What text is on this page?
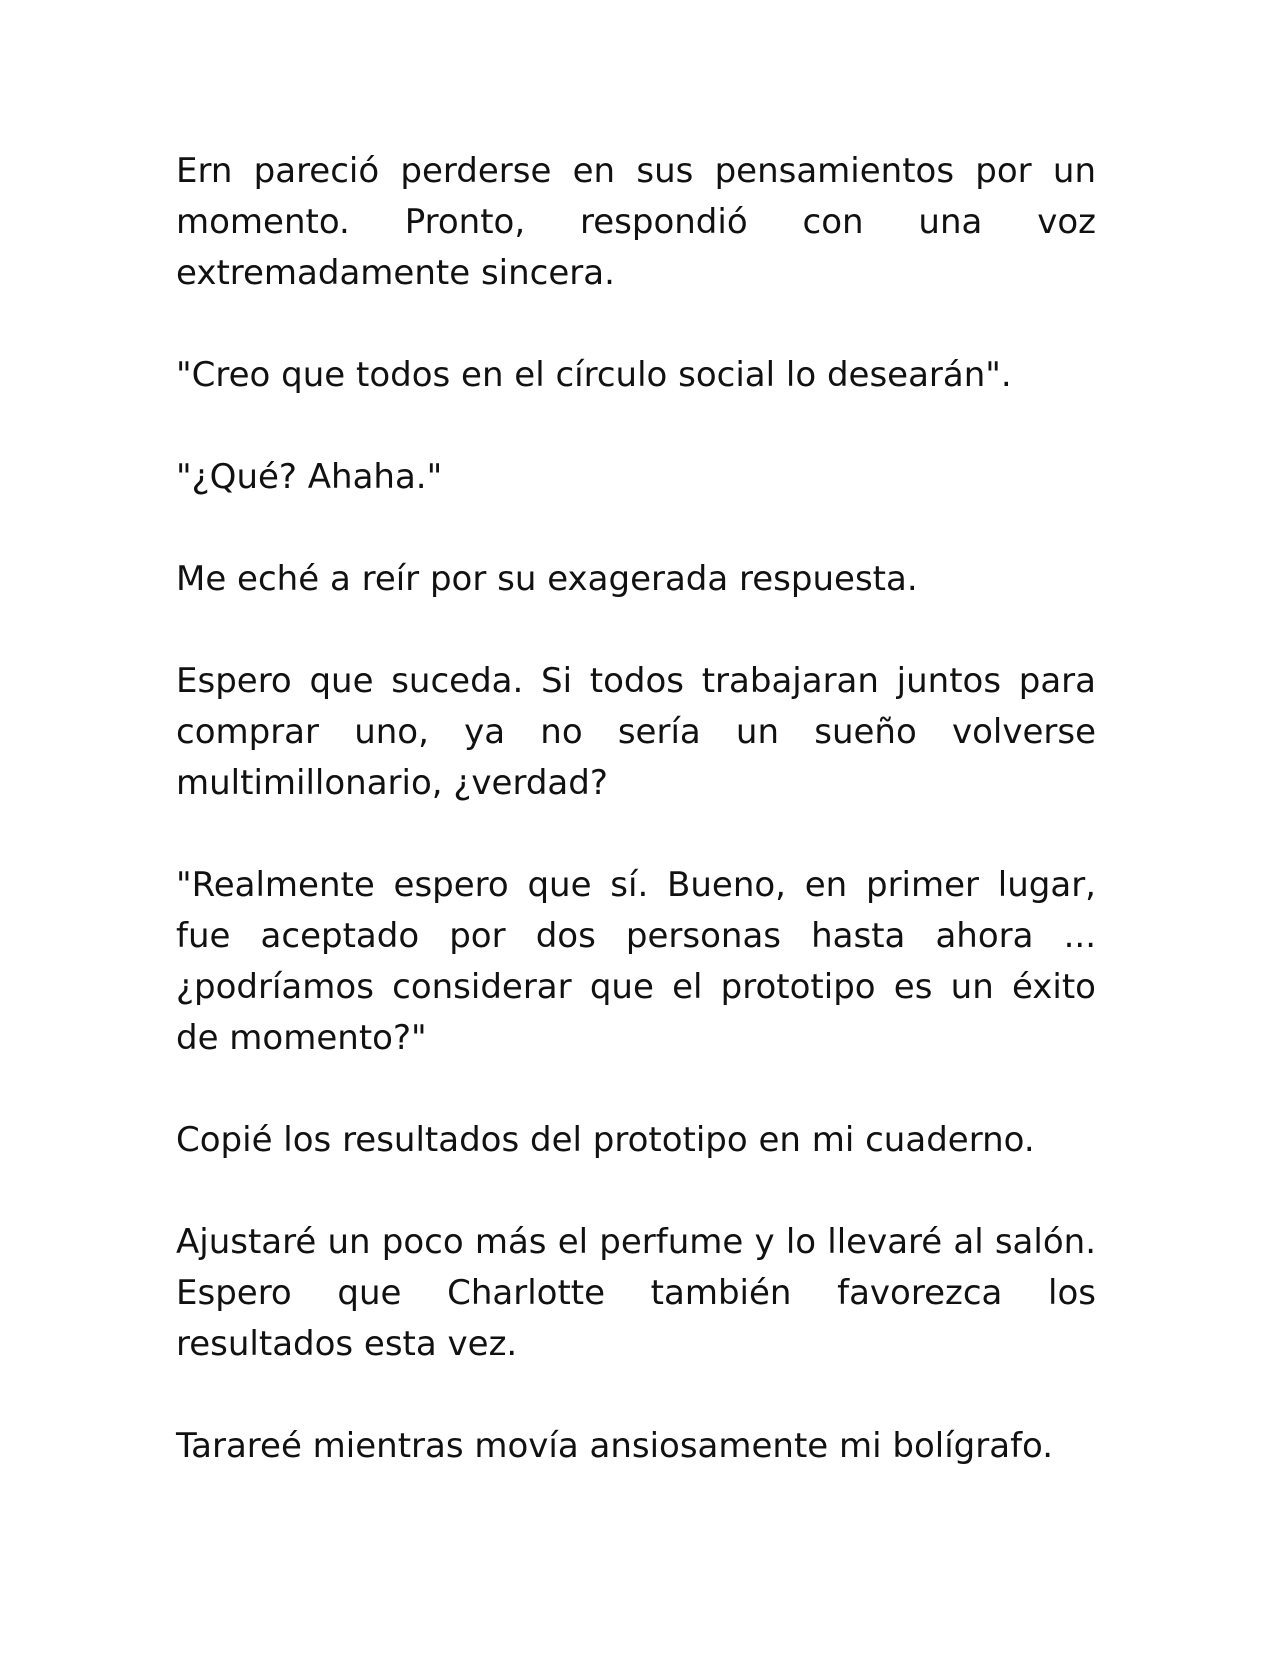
Ern pareció perderse en sus pensamientos por un momento. Pronto, respondió con una voz extremadamente sincera.

"Creo que todos en el círculo social lo desearán".

"¿Qué? Ahaha."

Me eché a reír por su exagerada respuesta.

Espero que suceda. Si todos trabajaran juntos para comprar uno, ya no sería un sueño volverse multimillonario, ¿verdad?

"Realmente espero que sí. Bueno, en primer lugar, fue aceptado por dos personas hasta ahora ... ¿podríamos considerar que el prototipo es un éxito de momento?"

Copié los resultados del prototipo en mi cuaderno.

Ajustaré un poco más el perfume y lo llevaré al salón. Espero que Charlotte también favorezca los resultados esta vez.

Tarareé mientras movía ansiosamente mi bolígrafo.
